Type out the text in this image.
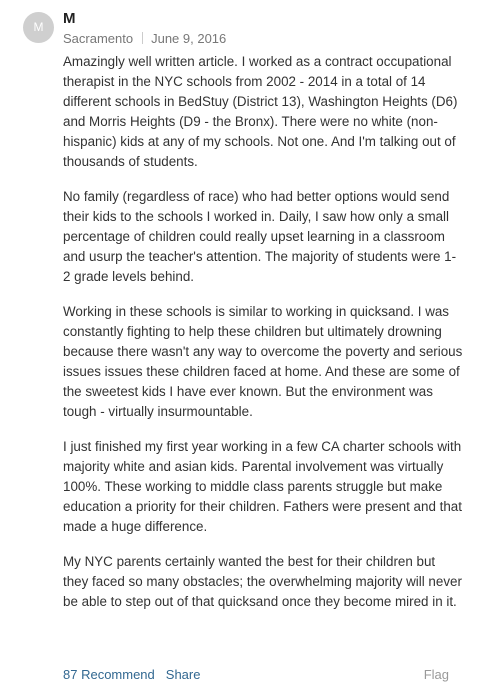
M	M
Sacramento June 9, 2016

Amazingly well written article. I worked as a contract occupational therapist in the NYC schools from 2002 - 2014 in a total of 14 different schools in BedStuy (District 13), Washington Heights (D6) and Morris Heights (D9 - the Bronx). There were no white (non-hispanic) kids at any of my schools. Not one. And I'm talking out of thousands of students.

No family (regardless of race) who had better options would send their kids to the schools I worked in. Daily, I saw how only a small percentage of children could really upset learning in a classroom and usurp the teacher's attention. The majority of students were 1-2 grade levels behind.

Working in these schools is similar to working in quicksand. I was constantly fighting to help these children but ultimately drowning because there wasn't any way to overcome the poverty and serious issues issues these children faced at home. And these are some of the sweetest kids I have ever known. But the environment was tough - virtually insurmountable.

I just finished my first year working in a few CA charter schools with majority white and asian kids. Parental involvement was virtually 100%. These working to middle class parents struggle but make education a priority for their children. Fathers were present and that made a huge difference.

My NYC parents certainly wanted the best for their children but they faced so many obstacles; the overwhelming majority will never be able to step out of that quicksand once they become mired in it.

87 Recommend Share	Flag
